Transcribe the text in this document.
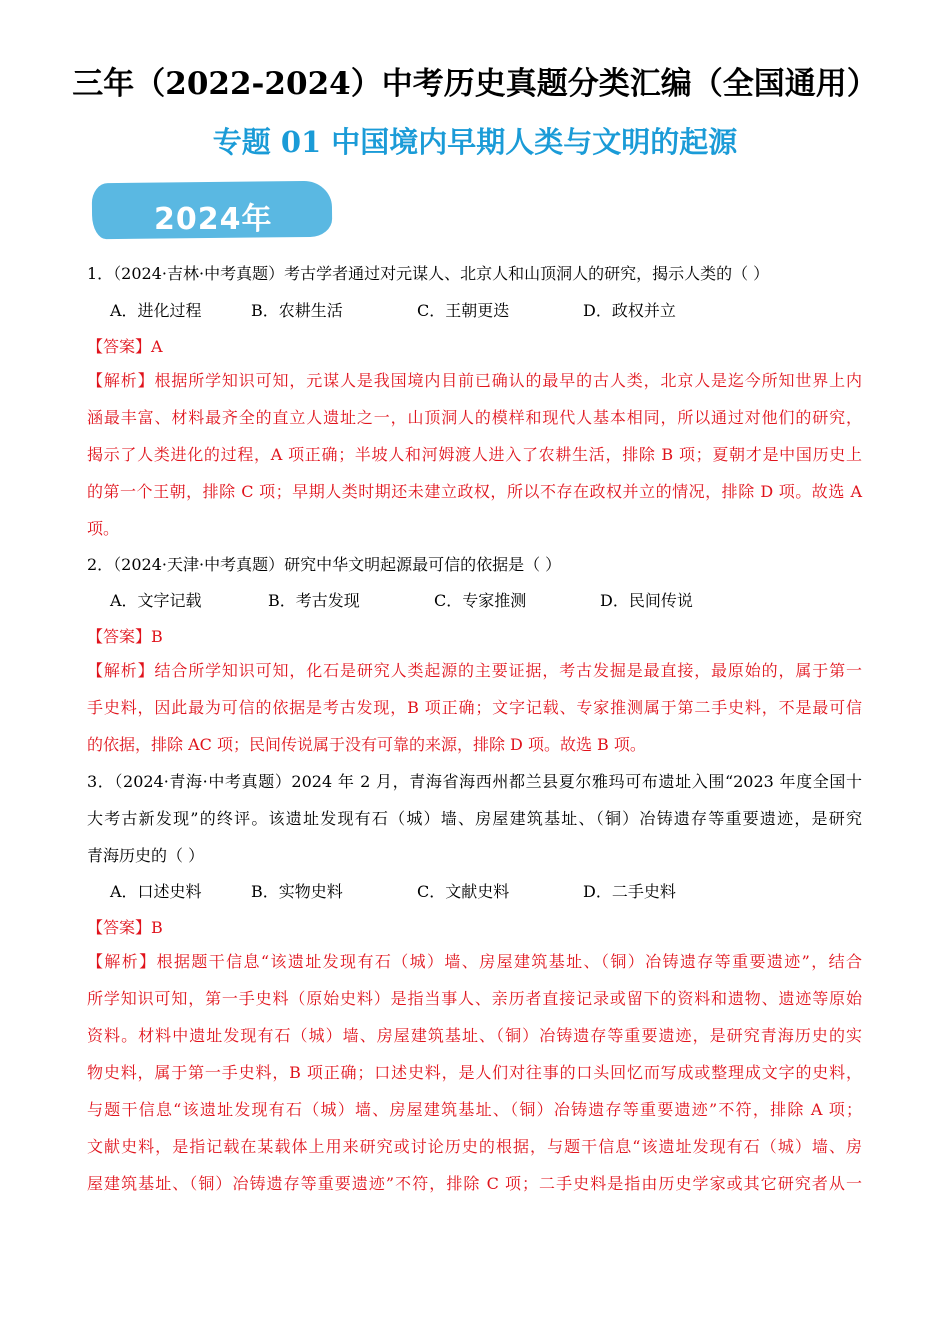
三年（2022-2024）中考历史真题分类汇编（全国通用）
专题 01 中国境内早期人类与文明的起源
2024年
1．（2024·吉林·中考真题）考古学者通过对元谋人、北京人和山顶洞人的研究，揭示人类的（ ）
A．进化过程	B．农耕生活	C．王朝更迭	D．政权并立
【答案】A
【解析】根据所学知识可知，元谋人是我国境内目前已确认的最早的古人类，北京人是迄今所知世界上内
涵最丰富、材料最齐全的直立人遗址之一，山顶洞人的模样和现代人基本相同，所以通过对他们的研究，
揭示了人类进化的过程，A 项正确；半坡人和河姆渡人进入了农耕生活，排除 B 项；夏朝才是中国历史上
的第一个王朝，排除 C 项；早期人类时期还未建立政权，所以不存在政权并立的情况，排除 D 项。故选 A
项。
2．（2024·天津·中考真题）研究中华文明起源最可信的依据是（ ）
A．文字记载	B．考古发现	C．专家推测	D．民间传说
【答案】B
【解析】结合所学知识可知，化石是研究人类起源的主要证据，考古发掘是最直接，最原始的，属于第一
手史料，因此最为可信的依据是考古发现，B 项正确；文字记载、专家推测属于第二手史料，不是最可信
的依据，排除 AC 项；民间传说属于没有可靠的来源，排除 D 项。故选 B 项。
3．（2024·青海·中考真题）2024 年 2 月，青海省海西州都兰县夏尔雅玛可布遗址入围“2023 年度全国十
大考古新发现”的终评。该遗址发现有石（城）墙、房屋建筑基址、（铜）冶铸遗存等重要遗迹，是研究
青海历史的（ ）
A．口述史料	B．实物史料	C．文献史料	D．二手史料
【答案】B
【解析】根据题干信息“该遗址发现有石（城）墙、房屋建筑基址、（铜）冶铸遗存等重要遗迹”，结合
所学知识可知，第一手史料（原始史料）是指当事人、亲历者直接记录或留下的资料和遗物、遗迹等原始
资料。材料中遗址发现有石（城）墙、房屋建筑基址、（铜）冶铸遗存等重要遗迹，是研究青海历史的实
物史料，属于第一手史料，B 项正确；口述史料，是人们对往事的口头回忆而写成或整理成文字的史料，
与题干信息“该遗址发现有石（城）墙、房屋建筑基址、（铜）冶铸遗存等重要遗迹”不符，排除 A 项；
文献史料，是指记载在某载体上用来研究或讨论历史的根据，与题干信息“该遗址发现有石（城）墙、房
屋建筑基址、（铜）冶铸遗存等重要遗迹”不符，排除 C 项；二手史料是指由历史学家或其它研究者从一
